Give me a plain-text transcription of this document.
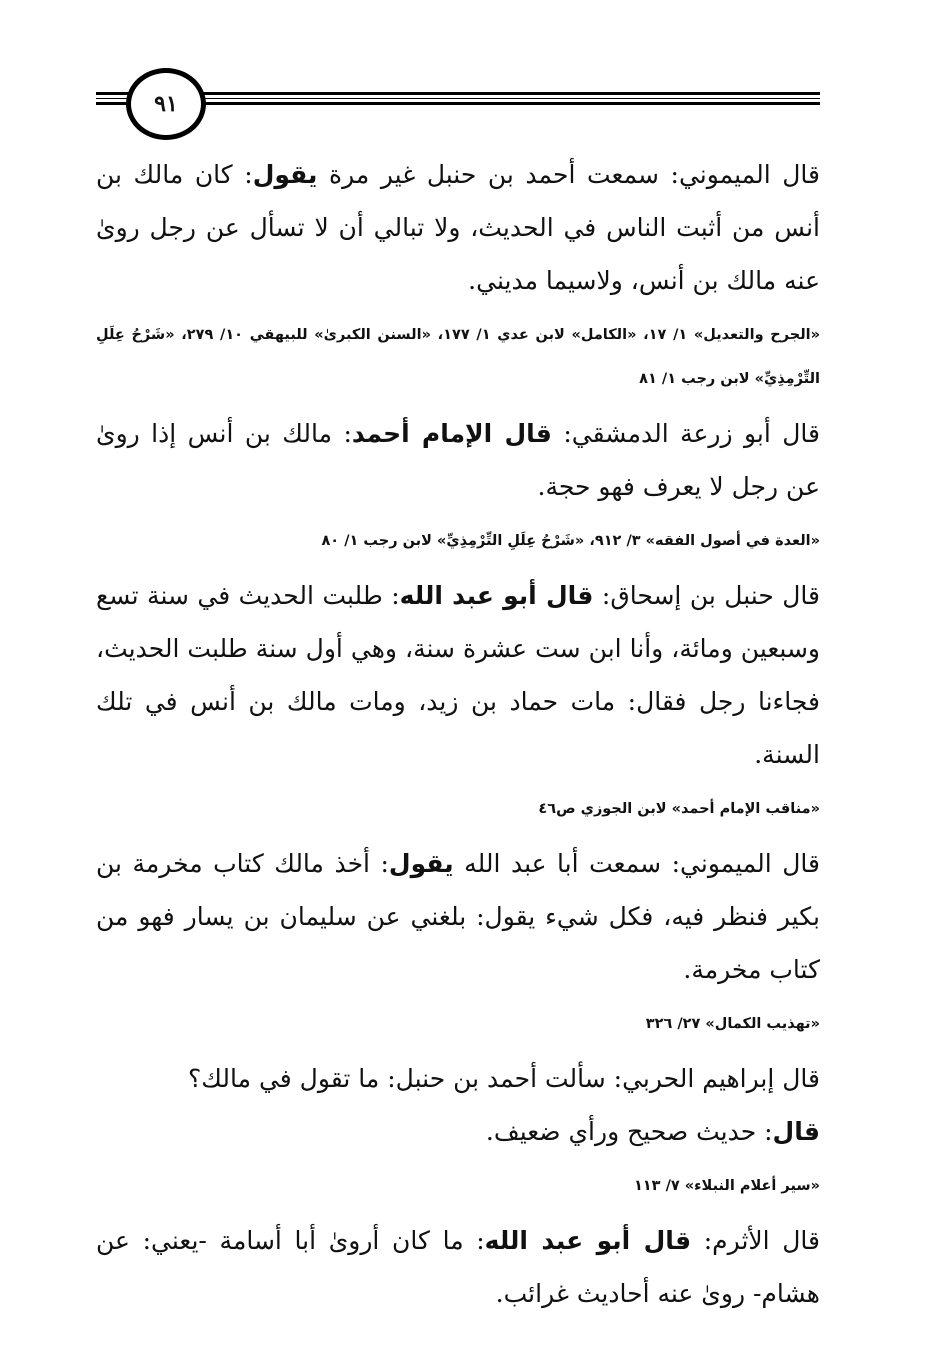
٩١

قال الميموني: سمعت أحمد بن حنبل غير مرة يقول: كان مالك بن أنس من أثبت الناس في الحديث، ولا تبالي أن لا تسأل عن رجل روىٰ عنه مالك بن أنس، ولاسيما مديني.

«الجرح والتعديل» ١/ ١٧، «الكامل» لابن عدي ١/ ١٧٧، «السنن الكبرىٰ» للبيهقي ١٠/ ٢٧٩، «شَرْحُ عِلَلِ التِّرْمِذِيِّ» لابن رجب ١/ ٨١

قال أبو زرعة الدمشقي: قال الإمام أحمد: مالك بن أنس إذا روىٰ عن رجل لا يعرف فهو حجة.

«العدة في أصول الفقه» ٣/ ٩١٢، «شَرْحُ عِلَلِ التِّرْمِذِيِّ» لابن رجب ١/ ٨٠

قال حنبل بن إسحاق: قال أبو عبد الله: طلبت الحديث في سنة تسع وسبعين ومائة، وأنا ابن ست عشرة سنة، وهي أول سنة طلبت الحديث، فجاءنا رجل فقال: مات حماد بن زيد، ومات مالك بن أنس في تلك السنة.

«مناقب الإمام أحمد» لابن الجوزي ص٤٦

قال الميموني: سمعت أبا عبد الله يقول: أخذ مالك كتاب مخرمة بن بكير فنظر فيه، فكل شيء يقول: بلغني عن سليمان بن يسار فهو من كتاب مخرمة.

«تهذيب الكمال» ٢٧/ ٣٢٦

قال إبراهيم الحربي: سألت أحمد بن حنبل: ما تقول في مالك؟

قال: حديث صحيح ورأي ضعيف.

«سير أعلام النبلاء» ٧/ ١١٣

قال الأثرم: قال أبو عبد الله: ما كان أروىٰ أبا أسامة -يعني: عن هشام- روىٰ عنه أحاديث غرائب.
